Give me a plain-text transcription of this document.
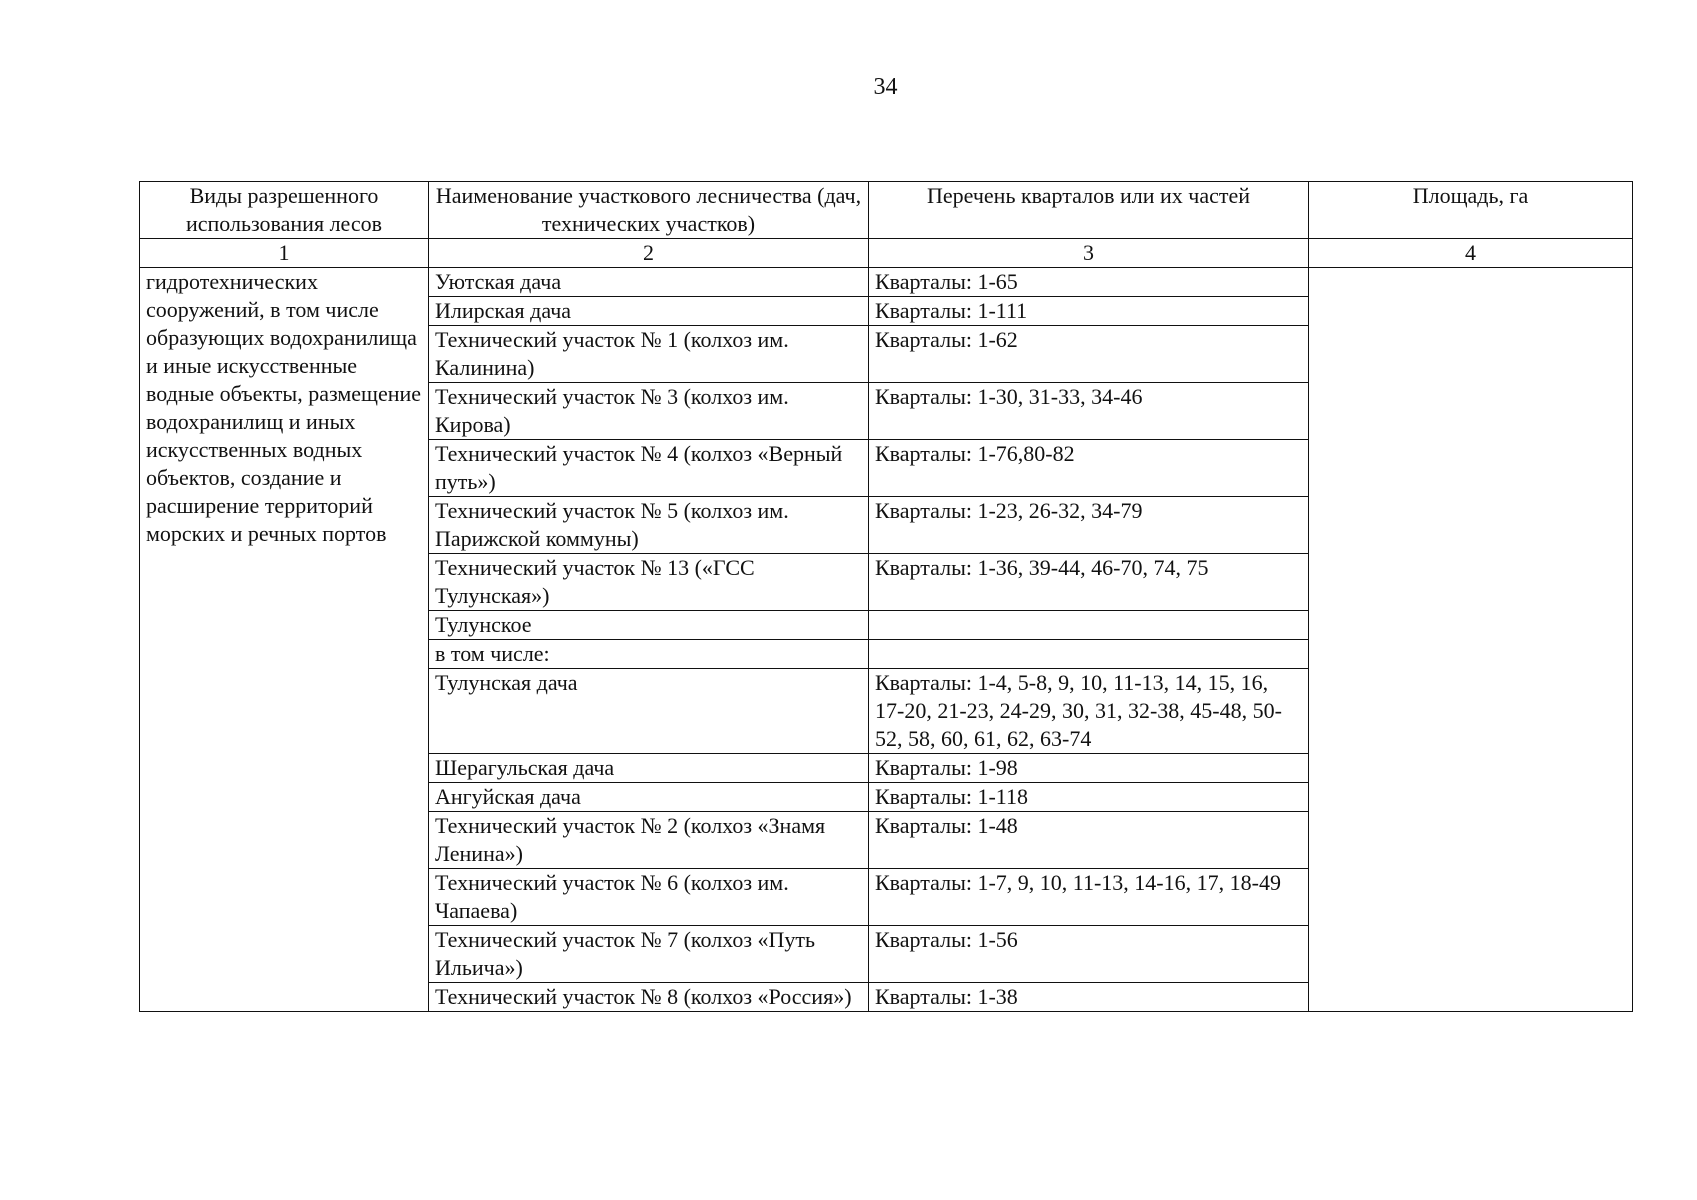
34
Виды разрешенного использования лесов	Наименование участкового лесничества (дач, технических участков)	Перечень кварталов или их частей	Площадь, га
1	2	3	4
гидротехнических сооружений, в том числе образующих водохранилища и иные искусственные водные объекты, размещение водохранилищ и иных искусственных водных объектов, создание и расширение территорий морских и речных портов	Уютская дача	Кварталы: 1-65	
	Илирская дача	Кварталы: 1-111	
	Технический участок № 1 (колхоз им. Калинина)	Кварталы: 1-62	
	Технический участок № 3 (колхоз им. Кирова)	Кварталы: 1-30, 31-33, 34-46	
	Технический участок № 4 (колхоз «Верный путь»)	Кварталы: 1-76,80-82	
	Технический участок № 5 (колхоз им. Парижской коммуны)	Кварталы: 1-23, 26-32, 34-79	
	Технический участок № 13 («ГСС Тулунская»)	Кварталы: 1-36, 39-44, 46-70, 74, 75	
	Тулунское		
	в том числе:		
	Тулунская дача	Кварталы: 1-4, 5-8, 9, 10, 11-13, 14, 15, 16, 17-20, 21-23, 24-29, 30, 31, 32-38, 45-48, 50-52, 58, 60, 61, 62, 63-74	
	Шерагульская дача	Кварталы: 1-98	
	Ангуйская дача	Кварталы: 1-118	
	Технический участок № 2 (колхоз «Знамя Ленина»)	Кварталы: 1-48	
	Технический участок № 6 (колхоз им. Чапаева)	Кварталы: 1-7, 9, 10, 11-13, 14-16, 17, 18-49	
	Технический участок № 7 (колхоз «Путь Ильича»)	Кварталы: 1-56	
	Технический участок № 8 (колхоз «Россия»)	Кварталы: 1-38	
